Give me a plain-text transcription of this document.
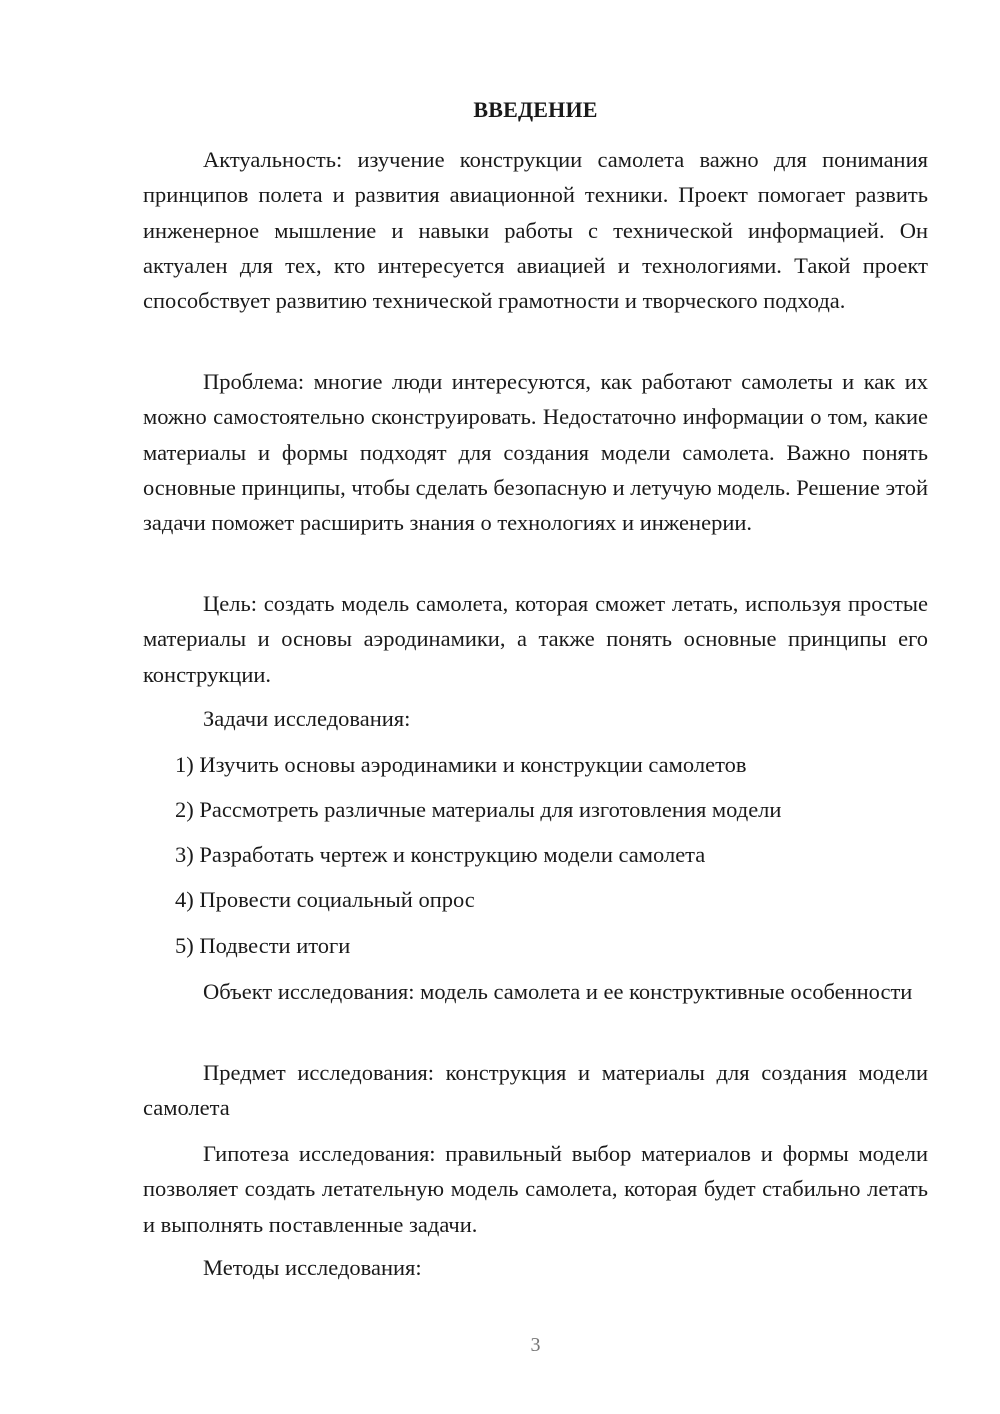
ВВЕДЕНИЕ

Актуальность: изучение конструкции самолета важно для понимания принципов полета и развития авиационной техники. Проект помогает развить инженерное мышление и навыки работы с технической информацией. Он актуален для тех, кто интересуется авиацией и технологиями. Такой проект способствует развитию технической грамотности и творческого подхода.

Проблема: многие люди интересуются, как работают самолеты и как их можно самостоятельно сконструировать. Недостаточно информации о том, какие материалы и формы подходят для создания модели самолета. Важно понять основные принципы, чтобы сделать безопасную и летучую модель. Решение этой задачи поможет расширить знания о технологиях и инженерии.

Цель: создать модель самолета, которая сможет летать, используя простые материалы и основы аэродинамики, а также понять основные принципы его конструкции.

Задачи исследования:

1) Изучить основы аэродинамики и конструкции самолетов

2) Рассмотреть различные материалы для изготовления модели

3) Разработать чертеж и конструкцию модели самолета

4) Провести социальный опрос

5) Подвести итоги

Объект исследования: модель самолета и ее конструктивные особенности

Предмет исследования: конструкция и материалы для создания модели самолета

Гипотеза исследования: правильный выбор материалов и формы модели позволяет создать летательную модель самолета, которая будет стабильно летать и выполнять поставленные задачи.

Методы исследования:

3
